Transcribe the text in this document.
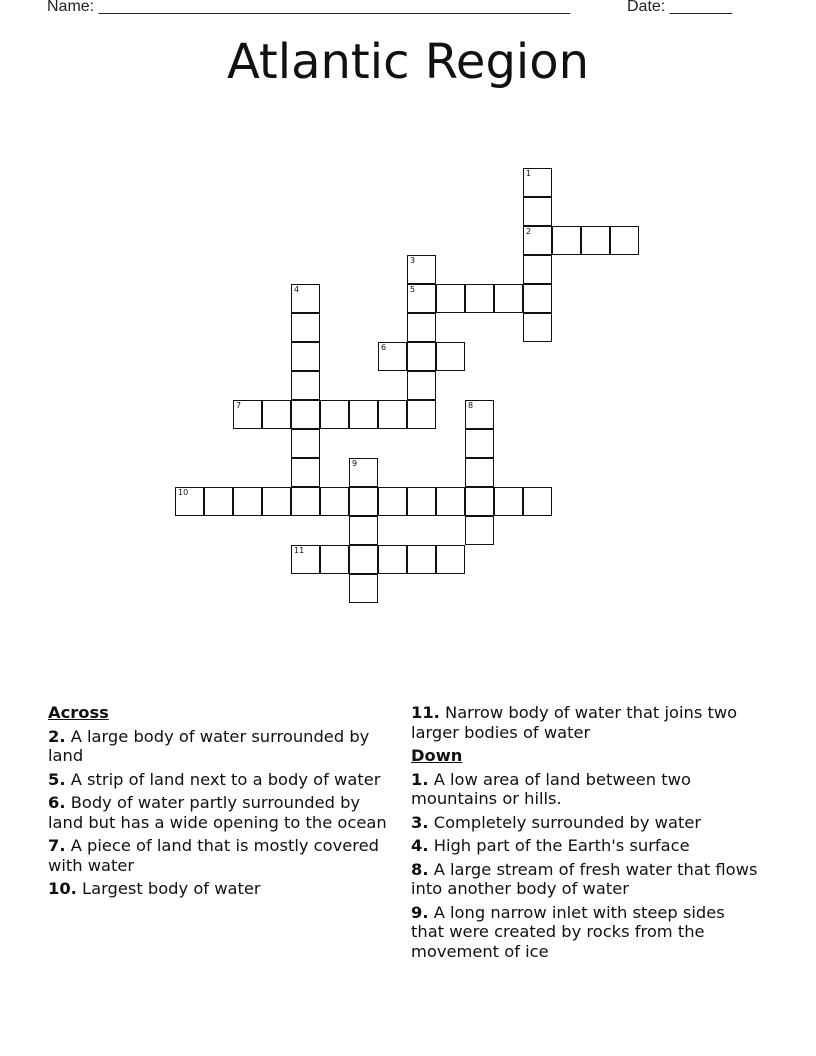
Name: _____________________________________________________	Date: _______
Atlantic Region
1
2
3
5
4
6
7	8
9
10
11
Across
2. A large body of water surrounded by land
5. A strip of land next to a body of water
6. Body of water partly surrounded by land but has a wide opening to the ocean
7. A piece of land that is mostly covered with water
10. Largest body of water
11. Narrow body of water that joins two larger bodies of water
Down
1. A low area of land between two mountains or hills.
3. Completely surrounded by water
4. High part of the Earth's surface
8. A large stream of fresh water that flows into another body of water
9. A long narrow inlet with steep sides that were created by rocks from the movement of ice
